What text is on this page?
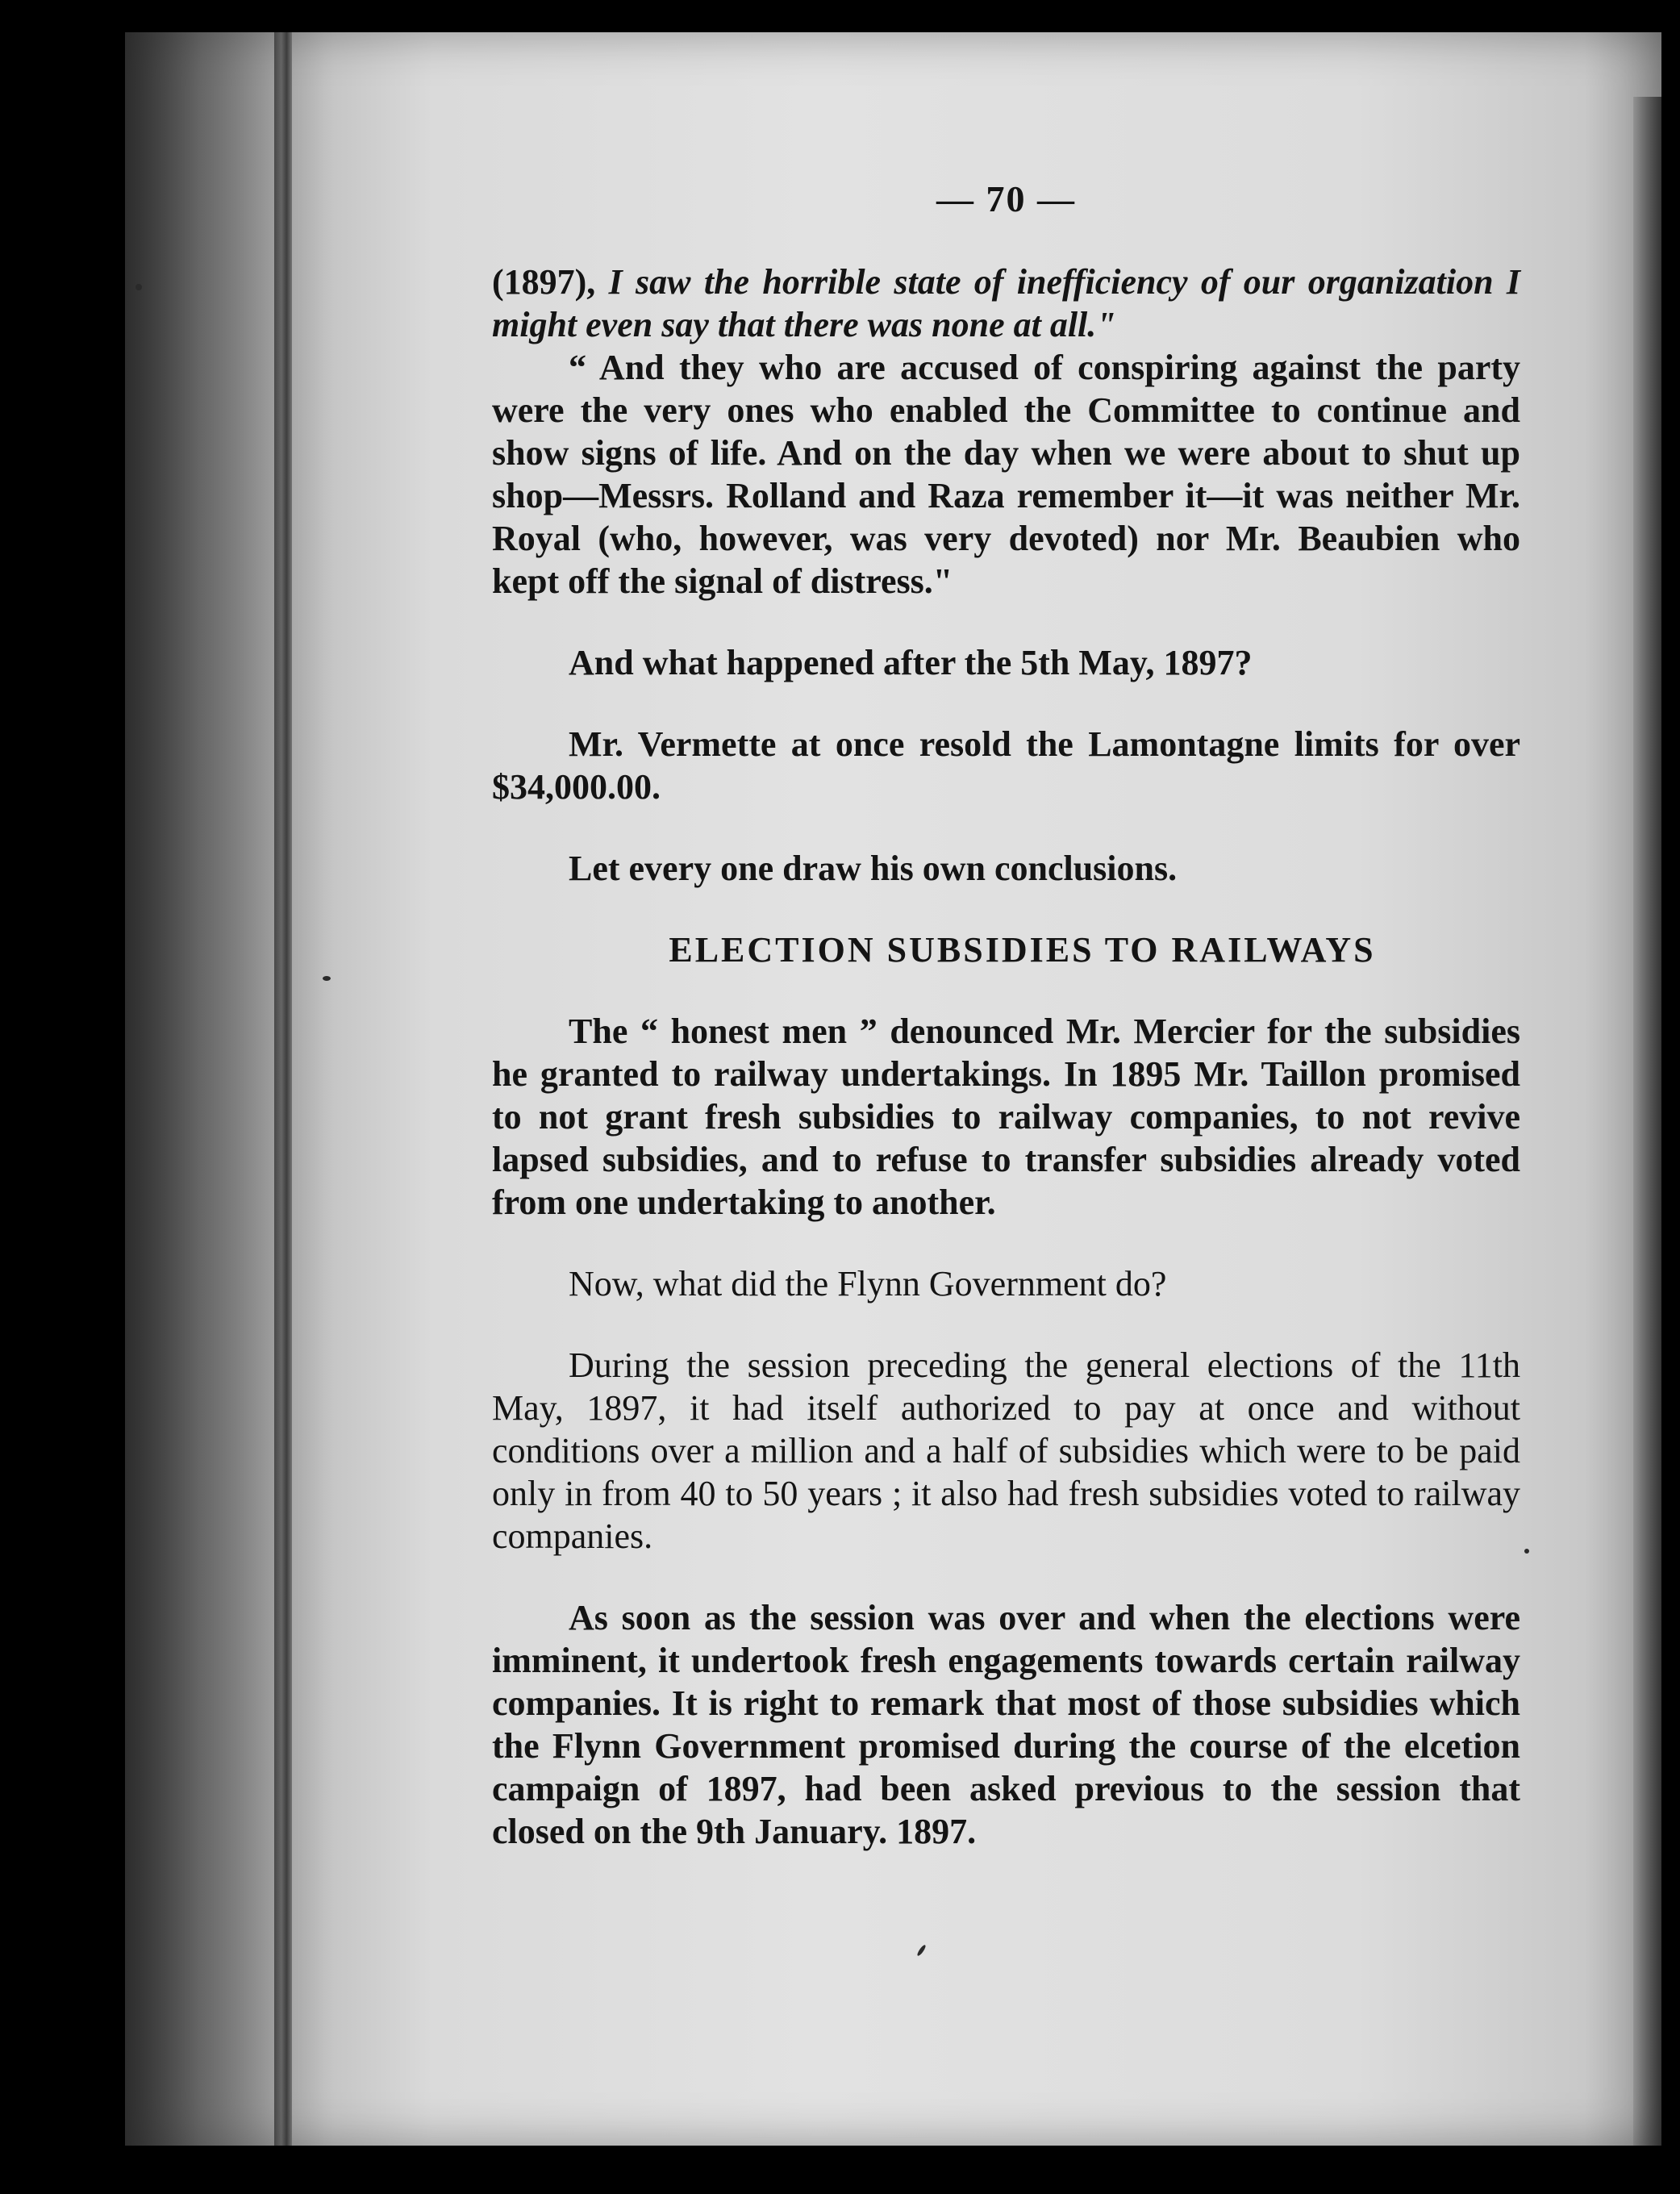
— 70 —

(1897), I saw the horrible state of inefficiency of our organization I might even say that there was none at all."

“ And they who are accused of conspiring against the party were the very ones who enabled the Committee to continue and show signs of life. And on the day when we were about to shut up shop—Messrs. Rolland and Raza remember it—it was neither Mr. Royal (who, however, was very devoted) nor Mr. Beaubien who kept off the signal of distress."

And what happened after the 5th May, 1897?

Mr. Vermette at once resold the Lamontagne limits for over $34,000.00.

Let every one draw his own conclusions.

ELECTION SUBSIDIES TO RAILWAYS

The “ honest men ” denounced Mr. Mercier for the subsidies he granted to railway undertakings. In 1895 Mr. Taillon promised to not grant fresh subsidies to railway companies, to not revive lapsed subsidies, and to refuse to transfer subsidies already voted from one undertaking to another.

Now, what did the Flynn Government do?

During the session preceding the general elections of the 11th May, 1897, it had itself authorized to pay at once and without conditions over a million and a half of subsidies which were to be paid only in from 40 to 50 years ; it also had fresh subsidies voted to railway companies.

As soon as the session was over and when the elections were imminent, it undertook fresh engagements towards certain railway companies. It is right to remark that most of those subsidies which the Flynn Government promised during the course of the elcetion campaign of 1897, had been asked previous to the session that closed on the 9th January. 1897.
